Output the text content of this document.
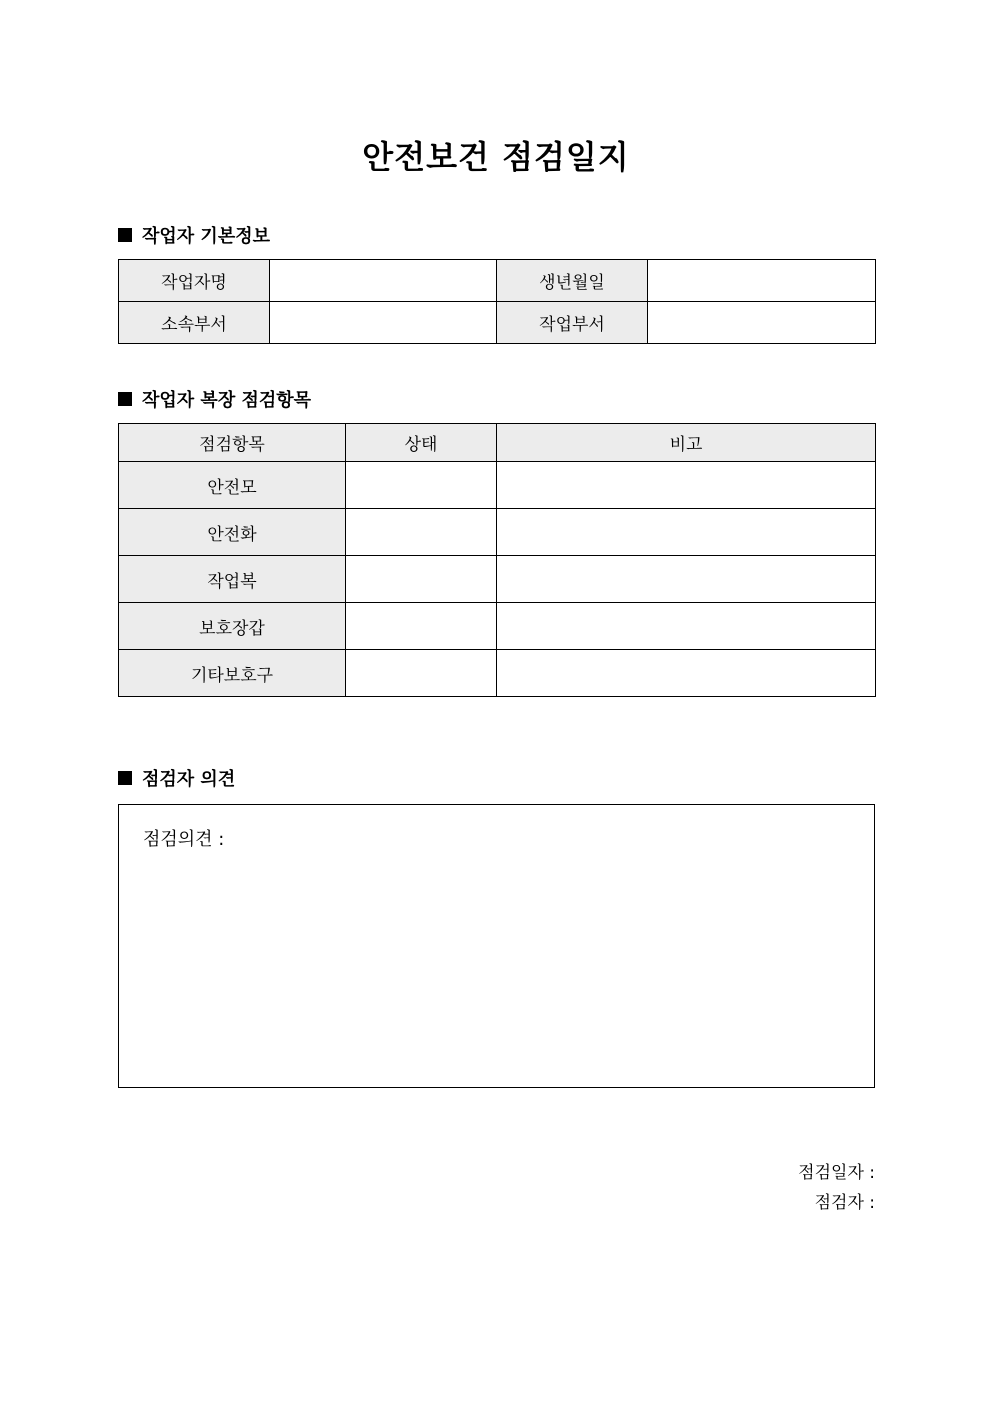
안전보건 점검일지
작업자 기본정보
작업자명		생년월일	
소속부서		작업부서	
작업자 복장 점검항목
점검항목	상태	비고
안전모		
안전화		
작업복		
보호장갑		
기타보호구		
점검자 의견
점검의견 :
점검일자 :
점검자 :
